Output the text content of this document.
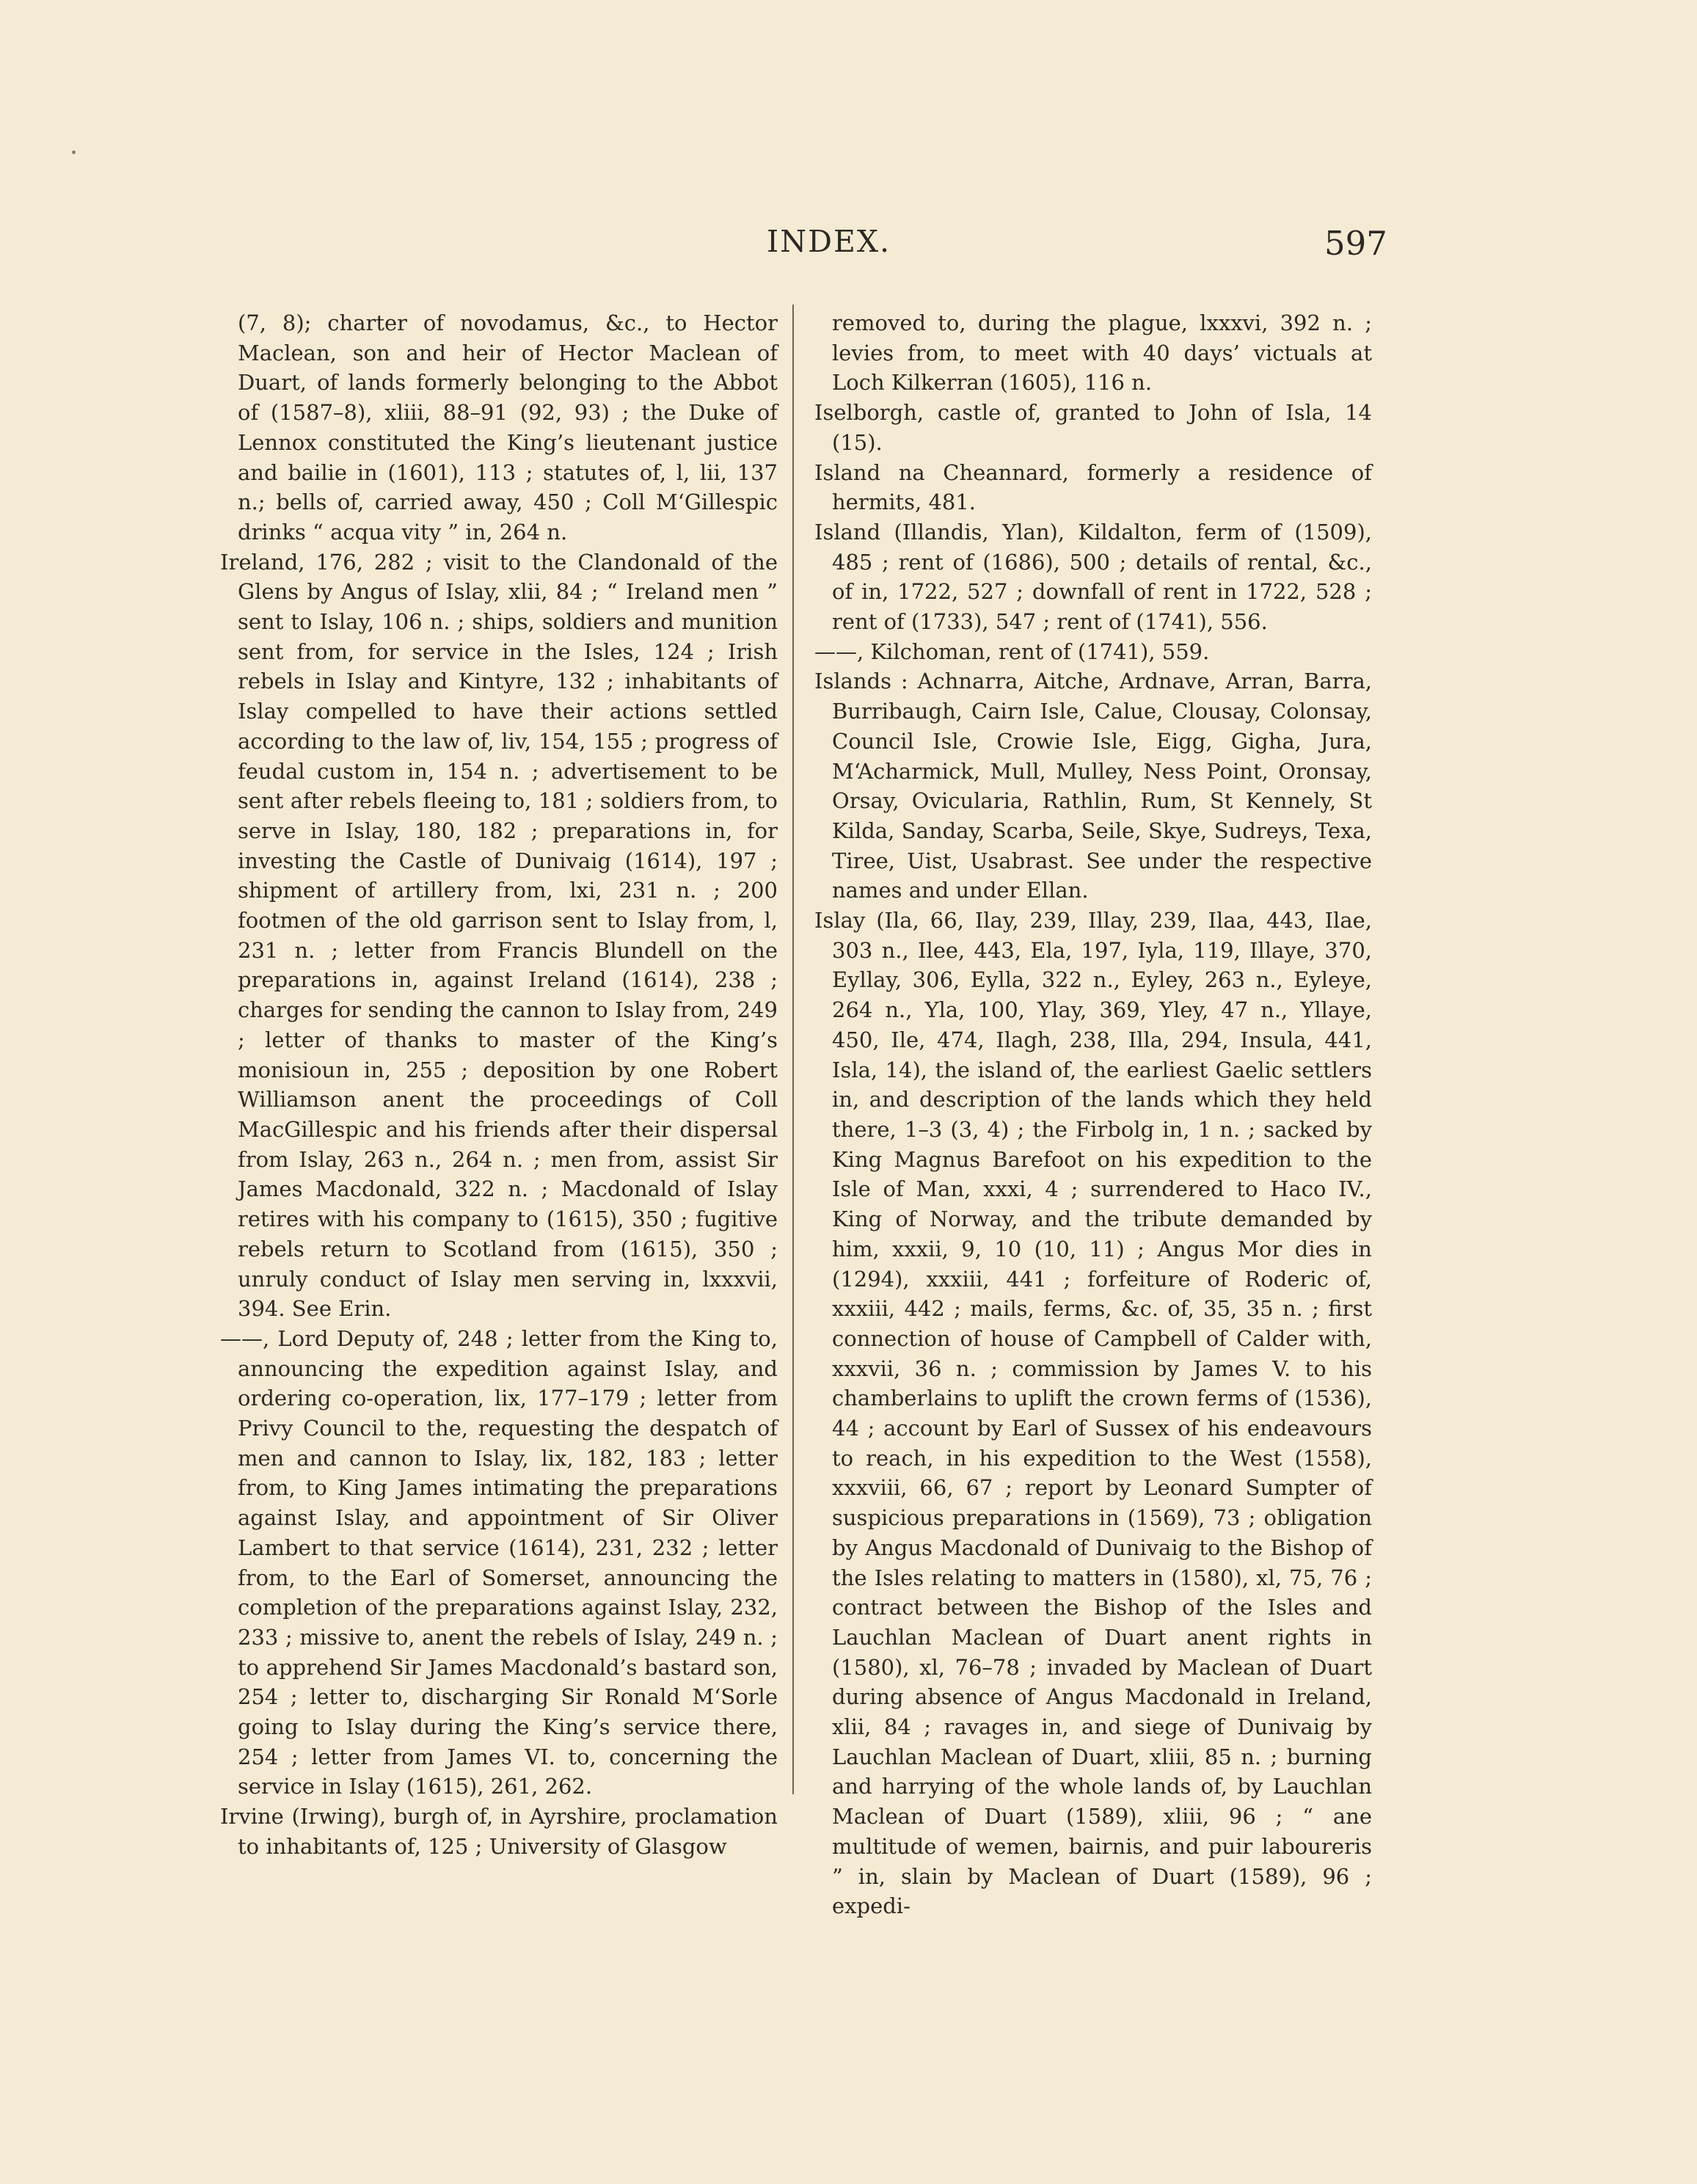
INDEX.	597

(7, 8); charter of novodamus, &c., to Hector Maclean, son and heir of Hector Maclean of Duart, of lands formerly belonging to the Abbot of (1587–8), xliii, 88–91 (92, 93) ; the Duke of Lennox constituted the King’s lieutenant justice and bailie in (1601), 113 ; statutes of, l, lii, 137 n.; bells of, carried away, 450 ; Coll M‘Gillespic drinks “ acqua vity ” in, 264 n.

Ireland, 176, 282 ; visit to the Clandonald of the Glens by Angus of Islay, xlii, 84 ; “ Ireland men ” sent to Islay, 106 n. ; ships, soldiers and munition sent from, for service in the Isles, 124 ; Irish rebels in Islay and Kintyre, 132 ; inhabitants of Islay compelled to have their actions settled according to the law of, liv, 154, 155 ; progress of feudal custom in, 154 n. ; advertisement to be sent after rebels fleeing to, 181 ; soldiers from, to serve in Islay, 180, 182 ; preparations in, for investing the Castle of Dunivaig (1614), 197 ; shipment of artillery from, lxi, 231 n. ; 200 footmen of the old garrison sent to Islay from, l, 231 n. ; letter from Francis Blundell on the preparations in, against Ireland (1614), 238 ; charges for sending the cannon to Islay from, 249 ; letter of thanks to master of the King’s monisioun in, 255 ; deposition by one Robert Williamson anent the proceedings of Coll MacGillespic and his friends after their dispersal from Islay, 263 n., 264 n. ; men from, assist Sir James Macdonald, 322 n. ; Macdonald of Islay retires with his company to (1615), 350 ; fugitive rebels return to Scotland from (1615), 350 ; unruly conduct of Islay men serving in, lxxxvii, 394. See Erin.

——, Lord Deputy of, 248 ; letter from the King to, announcing the expedition against Islay, and ordering co-operation, lix, 177–179 ; letter from Privy Council to the, requesting the despatch of men and cannon to Islay, lix, 182, 183 ; letter from, to King James intimating the preparations against Islay, and appointment of Sir Oliver Lambert to that service (1614), 231, 232 ; letter from, to the Earl of Somerset, announcing the completion of the preparations against Islay, 232, 233 ; missive to, anent the rebels of Islay, 249 n. ; to apprehend Sir James Macdonald’s bastard son, 254 ; letter to, discharging Sir Ronald M‘Sorle going to Islay during the King’s service there, 254 ; letter from James VI. to, concerning the service in Islay (1615), 261, 262.

Irvine (Irwing), burgh of, in Ayrshire, proclamation to inhabitants of, 125 ; University of Glasgow

removed to, during the plague, lxxxvi, 392 n. ; levies from, to meet with 40 days’ victuals at Loch Kilkerran (1605), 116 n.

Iselborgh, castle of, granted to John of Isla, 14 (15).

Island na Cheannard, formerly a residence of hermits, 481.

Island (Illandis, Ylan), Kildalton, ferm of (1509), 485 ; rent of (1686), 500 ; details of rental, &c., of in, 1722, 527 ; downfall of rent in 1722, 528 ; rent of (1733), 547 ; rent of (1741), 556.

——, Kilchoman, rent of (1741), 559.

Islands : Achnarra, Aitche, Ardnave, Arran, Barra, Burribaugh, Cairn Isle, Calue, Clousay, Colonsay, Council Isle, Crowie Isle, Eigg, Gigha, Jura, M‘Acharmick, Mull, Mulley, Ness Point, Oronsay, Orsay, Ovicularia, Rathlin, Rum, St Kennely, St Kilda, Sanday, Scarba, Seile, Skye, Sudreys, Texa, Tiree, Uist, Usabrast. See under the respective names and under Ellan.

Islay (Ila, 66, Ilay, 239, Illay, 239, Ilaa, 443, Ilae, 303 n., Ilee, 443, Ela, 197, Iyla, 119, Illaye, 370, Eyllay, 306, Eylla, 322 n., Eyley, 263 n., Eyleye, 264 n., Yla, 100, Ylay, 369, Yley, 47 n., Yllaye, 450, Ile, 474, Ilagh, 238, Illa, 294, Insula, 441, Isla, 14), the island of, the earliest Gaelic settlers in, and description of the lands which they held there, 1–3 (3, 4) ; the Firbolg in, 1 n. ; sacked by King Magnus Barefoot on his expedition to the Isle of Man, xxxi, 4 ; surrendered to Haco IV., King of Norway, and the tribute demanded by him, xxxii, 9, 10 (10, 11) ; Angus Mor dies in (1294), xxxiii, 441 ; forfeiture of Roderic of, xxxiii, 442 ; mails, ferms, &c. of, 35, 35 n. ; first connection of house of Campbell of Calder with, xxxvii, 36 n. ; commission by James V. to his chamberlains to uplift the crown ferms of (1536), 44 ; account by Earl of Sussex of his endeavours to reach, in his expedition to the West (1558), xxxviii, 66, 67 ; report by Leonard Sumpter of suspicious preparations in (1569), 73 ; obligation by Angus Macdonald of Dunivaig to the Bishop of the Isles relating to matters in (1580), xl, 75, 76 ; contract between the Bishop of the Isles and Lauchlan Maclean of Duart anent rights in (1580), xl, 76–78 ; invaded by Maclean of Duart during absence of Angus Macdonald in Ireland, xlii, 84 ; ravages in, and siege of Dunivaig by Lauchlan Maclean of Duart, xliii, 85 n. ; burning and harrying of the whole lands of, by Lauchlan Maclean of Duart (1589), xliii, 96 ; “ ane multitude of wemen, bairnis, and puir laboureris ” in, slain by Maclean of Duart (1589), 96 ; expedi-
